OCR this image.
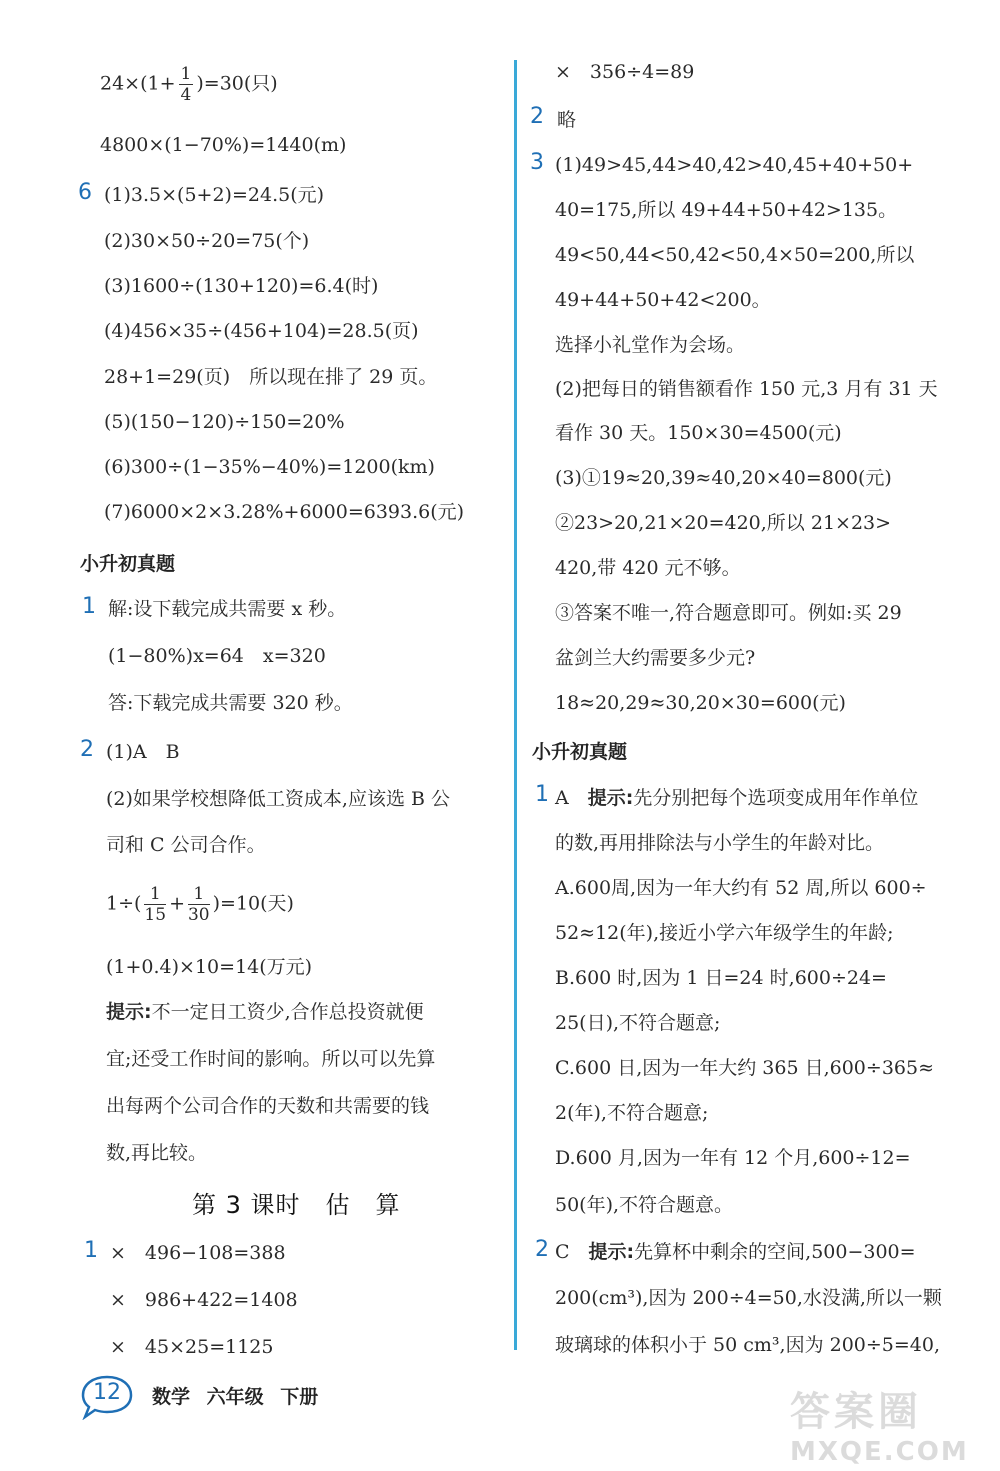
$24\times(1+ \frac{1}{4} )=30$(只)
4800×(1−70%)=1440(m)
6 (1)3.5×(5+2)=24.5(元)
(2)30×50÷20=75(个)
(3)1600÷(130+120)=6.4(时)
(4)456×35÷(456+104)=28.5(页)
28+1=29(页)　所以现在排了 29 页。
(5)(150−120)÷150=20%
(6)300÷(1−35%−40%)=1200(km)
(7)6000×2×3.28%+6000=6393.6(元)
小升初真题
1 解:设下载完成共需要 x 秒。
(1−80%)x=64　x=320
答:下载完成共需要 320 秒。
2 (1)A　B
(2)如果学校想降低工资成本,应该选 B 公
司和 C 公司合作。
$1\div( \frac{1}{15} + \frac{1}{30} )=10$(天)
(1+0.4)×10=14(万元)
提示:不一定日工资少,合作总投资就便
宜;还受工作时间的影响。所以可以先算
出每两个公司合作的天数和共需要的钱
数,再比较。
第 3 课时　估　算
1 ×　496−108=388
×　986+422=1408
×　45×25=1125
×　356÷4=89
2 略
3 (1)49>45,44>40,42>40,45+40+50+
40=175,所以 49+44+50+42>135。
49<50,44<50,42<50,4×50=200,所以
49+44+50+42<200。
选择小礼堂作为会场。
(2)把每日的销售额看作 150 元,3 月有 31 天
看作 30 天。150×30=4500(元)
(3)①19≈20,39≈40,20×40=800(元)
②23>20,21×20=420,所以 21×23>
420,带 420 元不够。
③答案不唯一,符合题意即可。例如:买 29
盆剑兰大约需要多少元?
18≈20,29≈30,20×30=600(元)
小升初真题
1 A　提示:先分别把每个选项变成用年作单位
的数,再用排除法与小学生的年龄对比。
A.600周,因为一年大约有 52 周,所以 600÷
52≈12(年),接近小学六年级学生的年龄;
B.600 时,因为 1 日=24 时,600÷24=
25(日),不符合题意;
C.600 日,因为一年大约 365 日,600÷365≈
2(年),不符合题意;
D.600 月,因为一年有 12 个月,600÷12=
50(年),不符合题意。
2 C　提示:先算杯中剩余的空间,500−300=
200(cm³),因为 200÷4=50,水没满,所以一颗
玻璃球的体积小于 50 cm³,因为 200÷5=40,
12	数学 六年级 下册	答案圈
MXQE.COM
